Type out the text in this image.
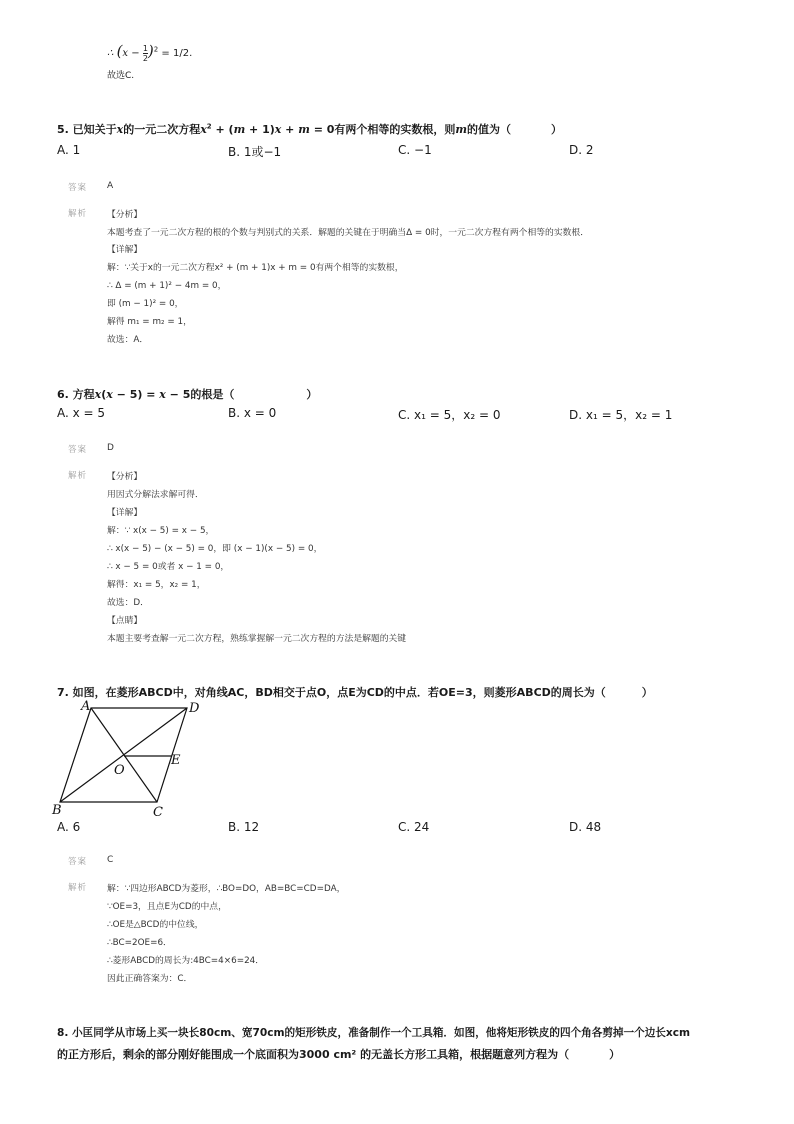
∴ $(x - \frac{1}{2} )^2 = 1/2$.
故选C.
5. 已知关于x的一元二次方程$x^2 + (m + 1)x + m = 0$有两个相等的实数根，则m的值为（	）
A. 1	B. 1或−1	C. −1	D. 2
答案 A
解析 【分析】
本题考查了一元二次方程的根的个数与判别式的关系．解题的关键在于明确当Δ = 0时，一元二次方程有两个相等的实数根．
【详解】
解：∵关于x的一元二次方程x² + (m + 1)x + m = 0有两个相等的实数根，
∴ Δ = (m + 1)² − 4m = 0，
即 (m − 1)² = 0，
解得 m₁ = m₂ = 1，
故选：A．
6. 方程x(x − 5) = x − 5的根是（	）
A. x = 5	B. x = 0	C. x₁ = 5，x₂ = 0	D. x₁ = 5，x₂ = 1
答案 D
解析 【分析】
用因式分解法求解可得．
【详解】
解：∵ x(x − 5) = x − 5，
∴ x(x − 5) − (x − 5) = 0，即 (x − 1)(x − 5) = 0，
∴ x − 5 = 0或者 x − 1 = 0，
解得：x₁ = 5，x₂ = 1，
故选：D．
【点睛】
本题主要考查解一元二次方程，熟练掌握解一元二次方程的方法是解题的关键
7. 如图，在菱形ABCD中，对角线AC，BD相交于点O，点E为CD的中点．若OE=3，则菱形ABCD的周长为（	）
A	D
E
O
B	C
A. 6	B. 12	C. 24	D. 48
答案 C
解析 解：∵四边形ABCD为菱形，∴BO=DO，AB=BC=CD=DA，
∵OE=3，且点E为CD的中点，
∴OE是△BCD的中位线，
∴BC=2OE=6．
∴菱形ABCD的周长为:4BC=4×6=24．
因此正确答案为：C．
8. 小匡同学从市场上买一块长80cm、宽70cm的矩形铁皮，准备制作一个工具箱．如图，他将矩形铁皮的四个角各剪掉一个边长xcm
的正方形后，剩余的部分刚好能围成一个底面积为3000 cm² 的无盖长方形工具箱，根据题意列方程为（	）
